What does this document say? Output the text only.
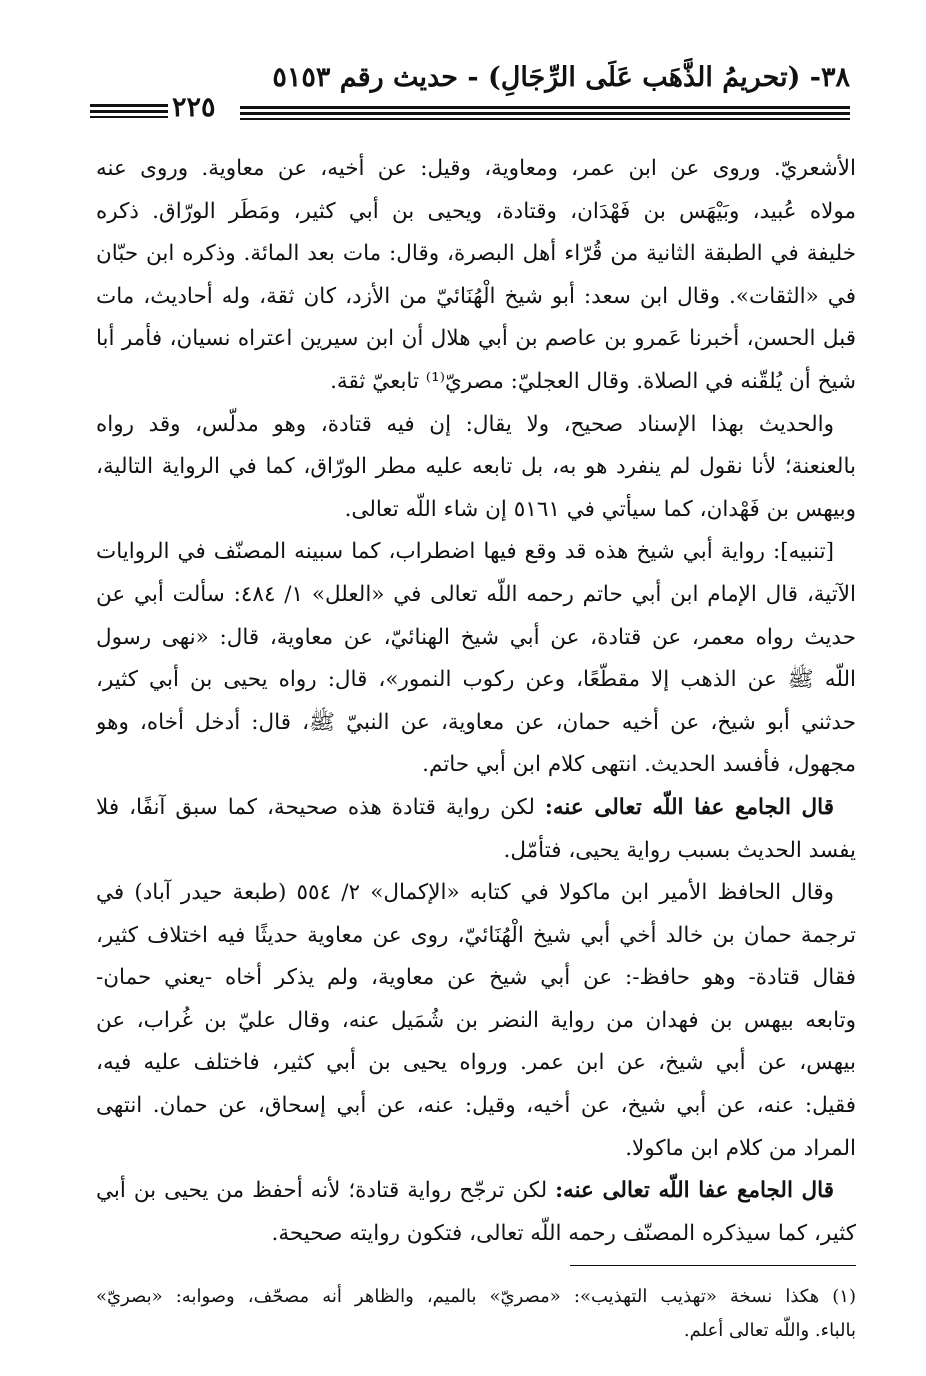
٣٨- (تحريمُ الذَّهَب عَلَى الرِّجَالِ) - حديث رقم ٥١٥٣
٢٢٥
الأشعريّ. وروى عن ابن عمر، ومعاوية، وقيل: عن أخيه، عن معاوية. وروى عنه
مولاه عُبيد، وبَيْهَس بن فَهْدَان، وقتادة، ويحيى بن أبي كثير، ومَطَر الورّاق. ذكره
خليفة في الطبقة الثانية من قُرّاء أهل البصرة، وقال: مات بعد المائة. وذكره ابن حبّان
في «الثقات». وقال ابن سعد: أبو شيخ الْهُنَائيّ من الأزد، كان ثقة، وله أحاديث، مات
قبل الحسن، أخبرنا عَمرو بن عاصم بن أبي هلال أن ابن سيرين اعتراه نسيان، فأمر أبا
شيخ أن يُلقّنه في الصلاة. وقال العجليّ: مصريّ⁽¹⁾ تابعيّ ثقة.
والحديث بهذا الإسناد صحيح، ولا يقال: إن فيه قتادة، وهو مدلّس، وقد رواه
بالعنعنة؛ لأنا نقول لم ينفرد هو به، بل تابعه عليه مطر الورّاق، كما في الرواية التالية،
وبيهس بن فَهْدان، كما سيأتي في ٥١٦١ إن شاء اللّه تعالى.
[تنبيه]: رواية أبي شيخ هذه قد وقع فيها اضطراب، كما سبينه المصنّف في الروايات
الآتية، قال الإمام ابن أبي حاتم رحمه اللّه تعالى في «العلل» ١/ ٤٨٤: سألت أبي عن
حديث رواه معمر، عن قتادة، عن أبي شيخ الهنائيّ، عن معاوية، قال: «نهى رسول
اللّه ﷺ عن الذهب إلا مقطّعًا، وعن ركوب النمور»، قال: رواه يحيى بن أبي كثير،
حدثني أبو شيخ، عن أخيه حمان، عن معاوية، عن النبيّ ﷺ، قال: أدخل أخاه، وهو
مجهول، فأفسد الحديث. انتهى كلام ابن أبي حاتم.
قال الجامع عفا اللّه تعالى عنه: لكن رواية قتادة هذه صحيحة، كما سبق آنفًا، فلا
يفسد الحديث بسبب رواية يحيى، فتأمّل.
وقال الحافظ الأمير ابن ماكولا في كتابه «الإكمال» ٢/ ٥٥٤ (طبعة حيدر آباد) في
ترجمة حمان بن خالد أخي أبي شيخ الْهُنَائيّ، روى عن معاوية حديثًا فيه اختلاف كثير،
فقال قتادة- وهو حافظ-: عن أبي شيخ عن معاوية، ولم يذكر أخاه -يعني حمان-
وتابعه بيهس بن فهدان من رواية النضر بن شُمَيل عنه، وقال عليّ بن غُراب، عن
بيهس، عن أبي شيخ، عن ابن عمر. ورواه يحيى بن أبي كثير، فاختلف عليه فيه،
فقيل: عنه، عن أبي شيخ، عن أخيه، وقيل: عنه، عن أبي إسحاق، عن حمان. انتهى
المراد من كلام ابن ماكولا.
قال الجامع عفا اللّه تعالى عنه: لكن ترجّح رواية قتادة؛ لأنه أحفظ من يحيى بن أبي
كثير، كما سيذكره المصنّف رحمه اللّه تعالى، فتكون روايته صحيحة.
(١) هكذا نسخة «تهذيب التهذيب»: «مصريّ» بالميم، والظاهر أنه مصحّف، وصوابه: «بصريّ»
بالباء. واللّه تعالى أعلم.
